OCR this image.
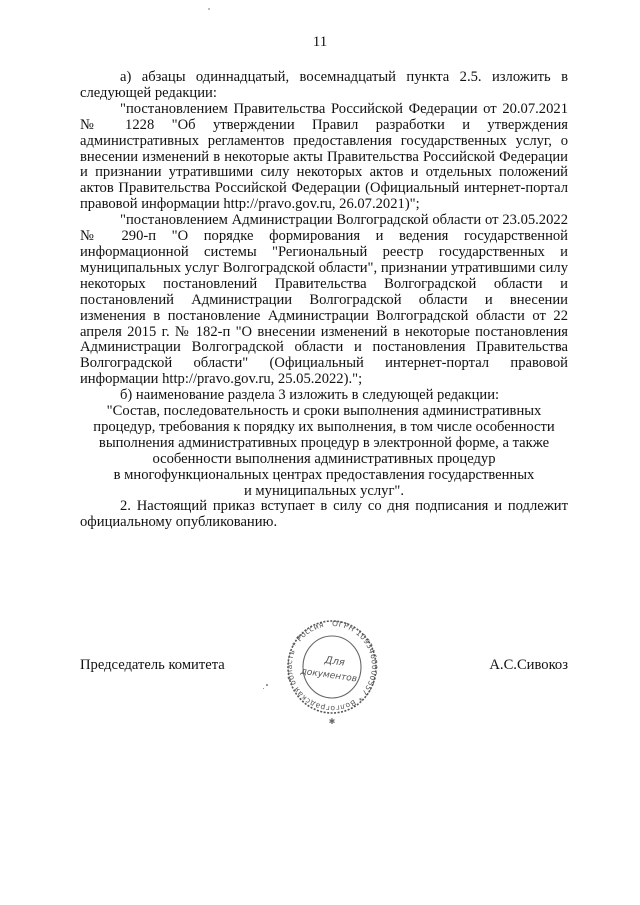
11

а) абзацы одиннадцатый, восемнадцатый пункта 2.5. изложить в следующей редакции:

"постановлением Правительства Российской Федерации от 20.07.2021 № 1228 "Об утверждении Правил разработки и утверждения административных регламентов предоставления государственных услуг, о внесении изменений в некоторые акты Правительства Российской Федерации и признании утратившими силу некоторых актов и отдельных положений актов Правительства Российской Федерации (Официальный интернет-портал правовой информации http://pravo.gov.ru, 26.07.2021)";

"постановлением Администрации Волгоградской области от 23.05.2022 № 290-п "О порядке формирования и ведения государственной информационной системы "Региональный реестр государственных и муниципальных услуг Волгоградской области", признании утратившими силу некоторых постановлений Правительства Волгоградской области и постановлений Администрации Волгоградской области и внесении изменения в постановление Администрации Волгоградской области от 22 апреля 2015 г. № 182-п "О внесении изменений в некоторые постановления Администрации Волгоградской области и постановления Правительства Волгоградской области" (Официальный интернет-портал правовой информации http://pravo.gov.ru, 25.05.2022).";

б) наименование раздела 3 изложить в следующей редакции:

"Состав, последовательность и сроки выполнения административных

процедур, требования к порядку их выполнения, в том числе особенности

выполнения административных процедур в электронной форме, а также

особенности выполнения административных процедур

в многофункциональных центрах предоставления государственных

и муниципальных услуг".

2. Настоящий приказ вступает в силу со дня подписания и подлежит официальному опубликованию.

Председатель комитета	А.С.Сивокоз
ОГРН 1093460000557 * Волгоградская область * Россия
Для
документов
✱
